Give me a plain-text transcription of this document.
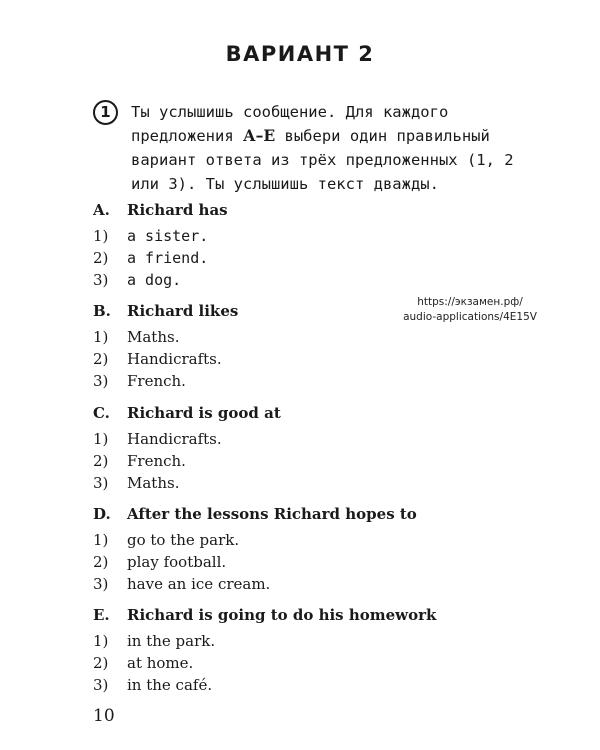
ВАРИАНТ 2
1	Ты услышишь сообщение. Для каждого
предложения А–Е выбери один правильный
вариант ответа из трёх предложенных (1, 2
или 3). Ты услышишь текст дважды.
A. Richard has
1) a sister.
2) a friend.
3) a dog.
https://экзамен.рф/
audio-applications/4E15V
B. Richard likes
1) Maths.
2) Handicrafts.
3) French.
C. Richard is good at
1) Handicrafts.
2) French.
3) Maths.
D. After the lessons Richard hopes to
1) go to the park.
2) play football.
3) have an ice cream.
E. Richard is going to do his homework
1) in the park.
2) at home.
3) in the café.
10
